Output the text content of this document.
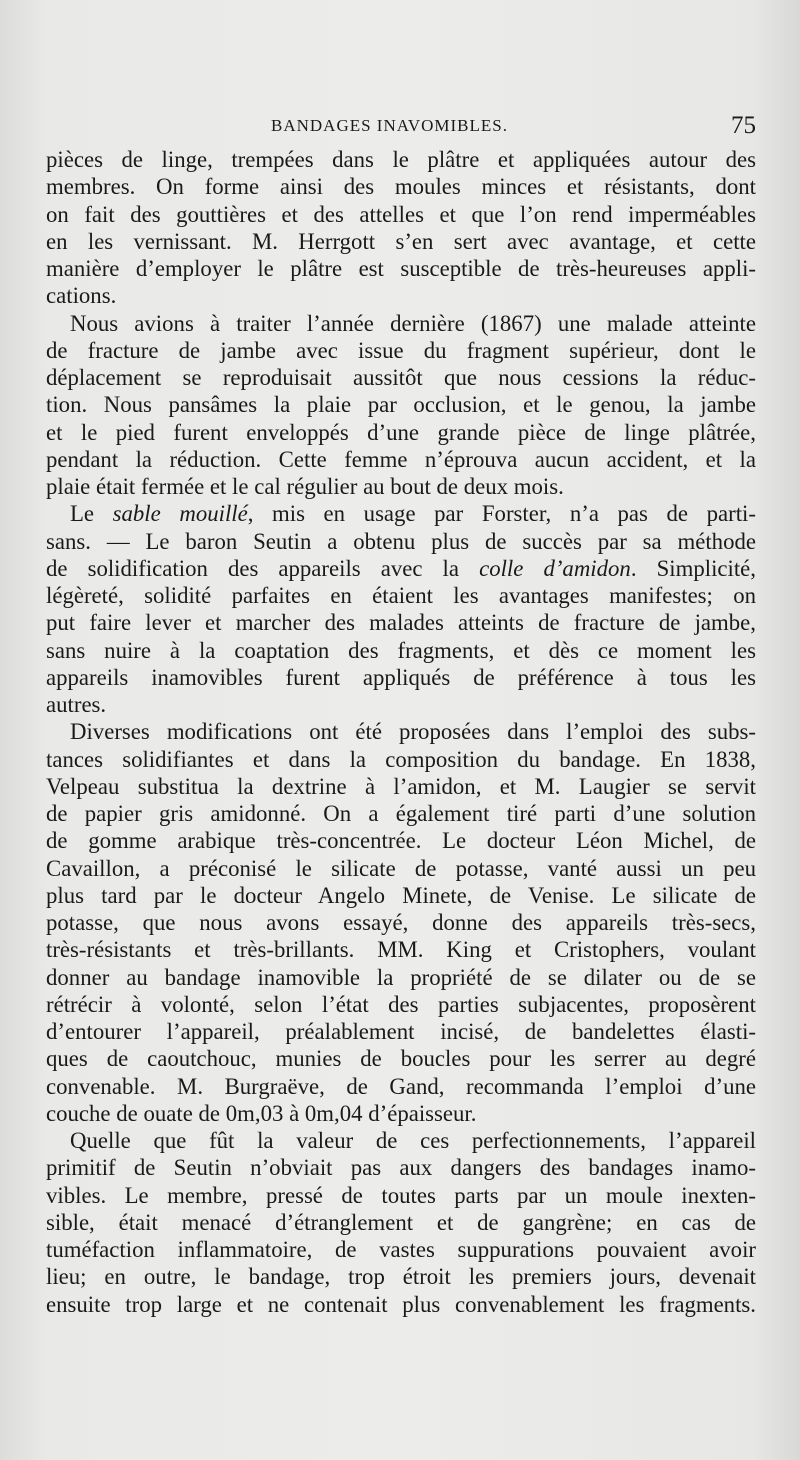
BANDAGES INAVOMIBLES.	75

pièces de linge, trempées dans le plâtre et appliquées autour des

membres. On forme ainsi des moules minces et résistants, dont

on fait des gouttières et des attelles et que l’on rend imperméables

en les vernissant. M. Herrgott s’en sert avec avantage, et cette

manière d’employer le plâtre est susceptible de très-heureuses appli-

cations.

Nous avions à traiter l’année dernière (1867) une malade atteinte

de fracture de jambe avec issue du fragment supérieur, dont le

déplacement se reproduisait aussitôt que nous cessions la réduc-

tion. Nous pansâmes la plaie par occlusion, et le genou, la jambe

et le pied furent enveloppés d’une grande pièce de linge plâtrée,

pendant la réduction. Cette femme n’éprouva aucun accident, et la

plaie était fermée et le cal régulier au bout de deux mois.

Le sable mouillé, mis en usage par Forster, n’a pas de parti-

sans. — Le baron Seutin a obtenu plus de succès par sa méthode

de solidification des appareils avec la colle d’amidon. Simplicité,

légèreté, solidité parfaites en étaient les avantages manifestes; on

put faire lever et marcher des malades atteints de fracture de jambe,

sans nuire à la coaptation des fragments, et dès ce moment les

appareils inamovibles furent appliqués de préférence à tous les

autres.

Diverses modifications ont été proposées dans l’emploi des subs-

tances solidifiantes et dans la composition du bandage. En 1838,

Velpeau substitua la dextrine à l’amidon, et M. Laugier se servit

de papier gris amidonné. On a également tiré parti d’une solution

de gomme arabique très-concentrée. Le docteur Léon Michel, de

Cavaillon, a préconisé le silicate de potasse, vanté aussi un peu

plus tard par le docteur Angelo Minete, de Venise. Le silicate de

potasse, que nous avons essayé, donne des appareils très-secs,

très-résistants et très-brillants. MM. King et Cristophers, voulant

donner au bandage inamovible la propriété de se dilater ou de se

rétrécir à volonté, selon l’état des parties subjacentes, proposèrent

d’entourer l’appareil, préalablement incisé, de bandelettes élasti-

ques de caoutchouc, munies de boucles pour les serrer au degré

convenable. M. Burgraëve, de Gand, recommanda l’emploi d’une

couche de ouate de 0m,03 à 0m,04 d’épaisseur.

Quelle que fût la valeur de ces perfectionnements, l’appareil

primitif de Seutin n’obviait pas aux dangers des bandages inamo-

vibles. Le membre, pressé de toutes parts par un moule inexten-

sible, était menacé d’étranglement et de gangrène; en cas de

tuméfaction inflammatoire, de vastes suppurations pouvaient avoir

lieu; en outre, le bandage, trop étroit les premiers jours, devenait

ensuite trop large et ne contenait plus convenablement les fragments.
